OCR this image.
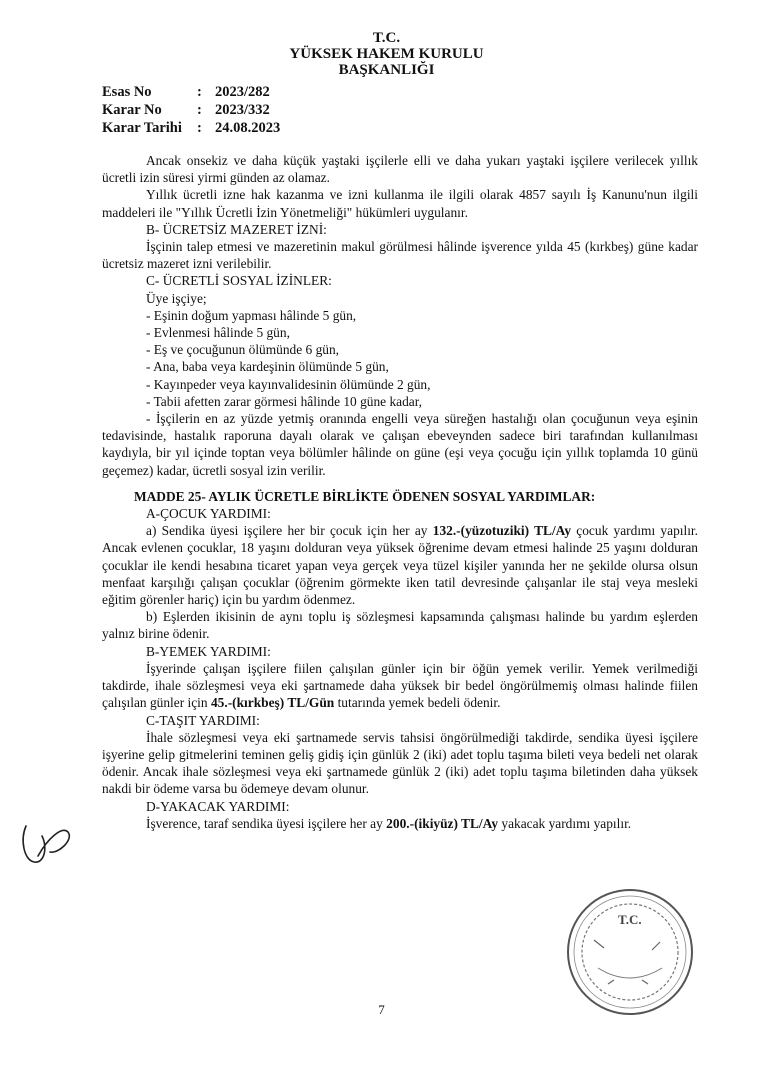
T.C.
YÜKSEK HAKEM KURULU
BAŞKANLIĞI
Esas No	: 2023/282
Karar No	: 2023/332
Karar Tarihi	: 24.08.2023

Ancak onsekiz ve daha küçük yaştaki işçilerle elli ve daha yukarı yaştaki işçilere verilecek yıllık ücretli izin süresi yirmi günden az olamaz.

Yıllık ücretli izne hak kazanma ve izni kullanma ile ilgili olarak 4857 sayılı İş Kanunu'nun ilgili maddeleri ile "Yıllık Ücretli İzin Yönetmeliği" hükümleri uygulanır.

B- ÜCRETSİZ MAZERET İZNİ:

İşçinin talep etmesi ve mazeretinin makul görülmesi hâlinde işverence yılda 45 (kırkbeş) güne kadar ücretsiz mazeret izni verilebilir.

C- ÜCRETLİ SOSYAL İZİNLER:

Üye işçiye;

- Eşinin doğum yapması hâlinde 5 gün,

- Evlenmesi hâlinde 5 gün,

- Eş ve çocuğunun ölümünde 6 gün,

- Ana, baba veya kardeşinin ölümünde 5 gün,

- Kayınpeder veya kayınvalidesinin ölümünde 2 gün,

- Tabii afetten zarar görmesi hâlinde 10 güne kadar,

- İşçilerin en az yüzde yetmiş oranında engelli veya süreğen hastalığı olan çocuğunun veya eşinin tedavisinde, hastalık raporuna dayalı olarak ve çalışan ebeveynden sadece biri tarafından kullanılması kaydıyla, bir yıl içinde toptan veya bölümler hâlinde on güne (eşi veya çocuğu için yıllık toplamda 10 günü geçemez) kadar, ücretli sosyal izin verilir.

MADDE 25- AYLIK ÜCRETLE BİRLİKTE ÖDENEN SOSYAL YARDIMLAR:

A-ÇOCUK YARDIMI:

a) Sendika üyesi işçilere her bir çocuk için her ay 132.-(yüzotuziki) TL/Ay çocuk yardımı yapılır. Ancak evlenen çocuklar, 18 yaşını dolduran veya yüksek öğrenime devam etmesi halinde 25 yaşını dolduran çocuklar ile kendi hesabına ticaret yapan veya gerçek veya tüzel kişiler yanında her ne şekilde olursa olsun menfaat karşılığı çalışan çocuklar (öğrenim görmekte iken tatil devresinde çalışanlar ile staj veya mesleki eğitim görenler hariç) için bu yardım ödenmez.

b) Eşlerden ikisinin de aynı toplu iş sözleşmesi kapsamında çalışması halinde bu yardım eşlerden yalnız birine ödenir.

B-YEMEK YARDIMI:

İşyerinde çalışan işçilere fiilen çalışılan günler için bir öğün yemek verilir. Yemek verilmediği takdirde, ihale sözleşmesi veya eki şartnamede daha yüksek bir bedel öngörülmemiş olması halinde fiilen çalışılan günler için 45.-(kırkbeş) TL/Gün tutarında yemek bedeli ödenir.

C-TAŞIT YARDIMI:

İhale sözleşmesi veya eki şartnamede servis tahsisi öngörülmediği takdirde, sendika üyesi işçilere işyerine gelip gitmelerini teminen geliş gidiş için günlük 2 (iki) adet toplu taşıma bileti veya bedeli net olarak ödenir. Ancak ihale sözleşmesi veya eki şartnamede günlük 2 (iki) adet toplu taşıma biletinden daha yüksek nakdi bir ödeme varsa bu ödemeye devam olunur.

D-YAKACAK YARDIMI:

İşverence, taraf sendika üyesi işçilere her ay 200.-(ikiyüz) TL/Ay yakacak yardımı yapılır.

T.C.
7
